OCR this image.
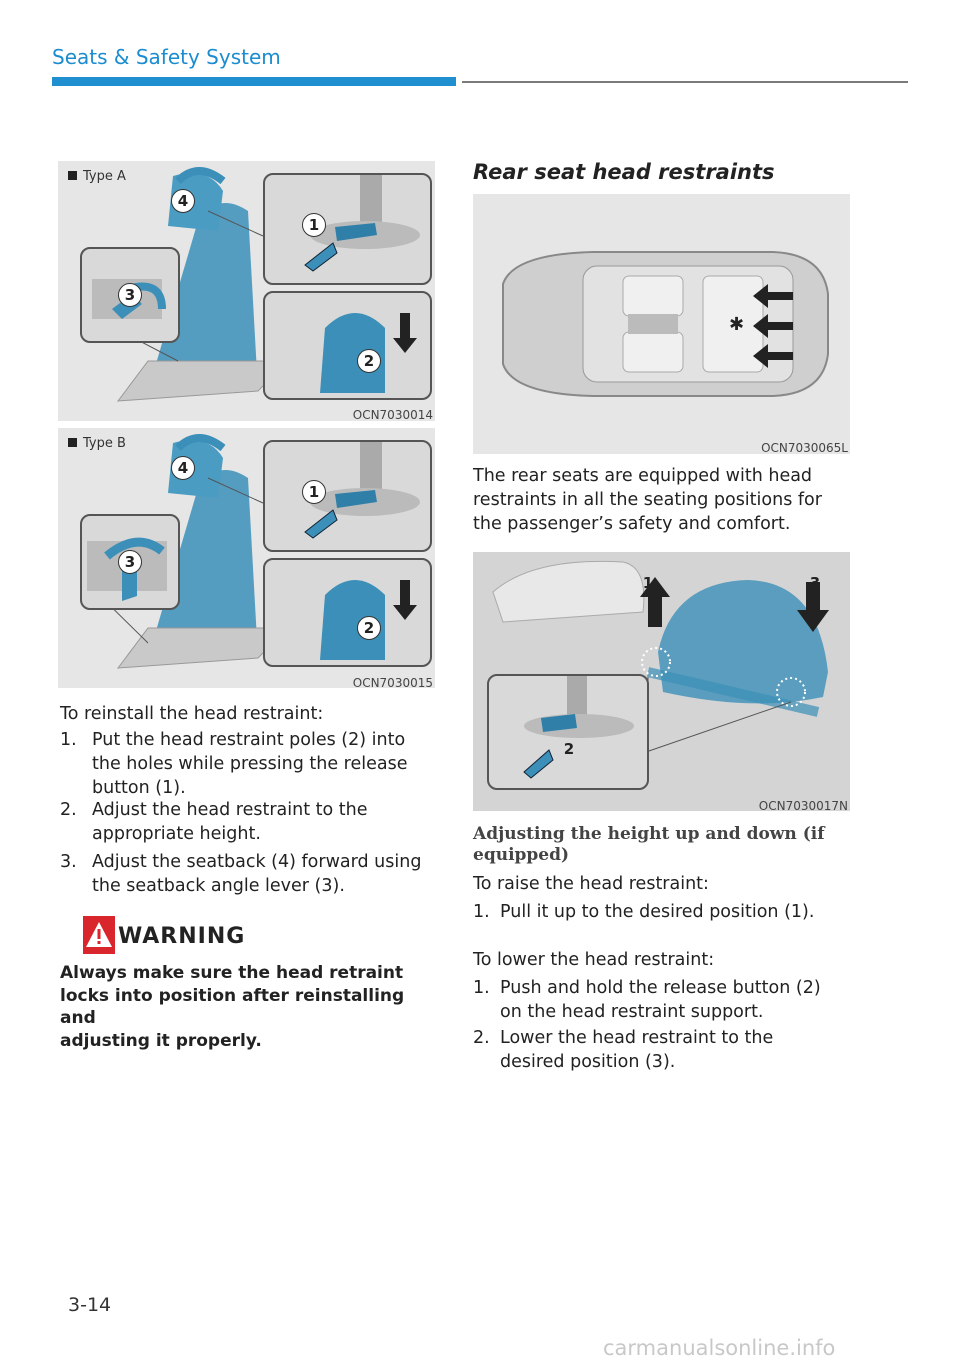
Seats & Safety System
Type A
4
1
3
2
OCN7030014
Type B
4
1
3
2
OCN7030015
To reinstall the head restraint:
1. Put the head restraint poles (2) into
the holes while pressing the release
button (1).
2. Adjust the head restraint to the
appropriate height.
3. Adjust the seatback (4) forward using
the seatback angle lever (3).
WARNING
Always make sure the head retraint
locks into position after reinstalling and
adjusting it properly.
Rear seat head restraints
✱
OCN7030065L
The rear seats are equipped with head
restraints in all the seating positions for
the passenger’s safety and comfort.
1	3
2
OCN7030017N
Adjusting the height up and down (if
equipped)
To raise the head restraint:
1. Pull it up to the desired position (1).
To lower the head restraint:
1. Push and hold the release button (2)
on the head restraint support.
2. Lower the head restraint to the
desired position (3).
3-14
carmanualsonline.info
